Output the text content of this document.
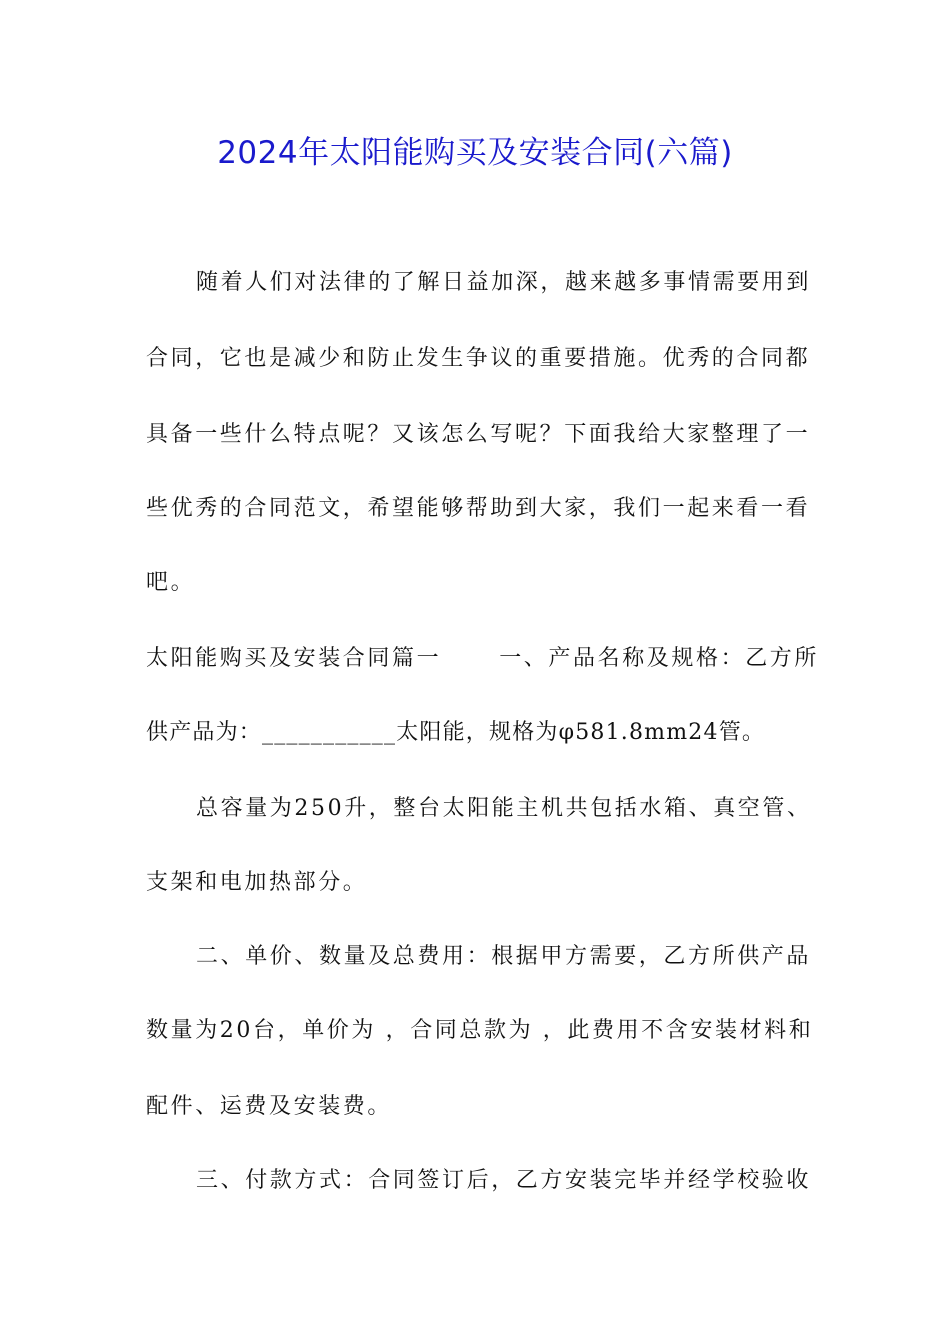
2024年太阳能购买及安装合同(六篇)
随着人们对法律的了解日益加深，越来越多事情需要用到
合同，它也是减少和防止发生争议的重要措施。优秀的合同都
具备一些什么特点呢？又该怎么写呢？下面我给大家整理了一
些优秀的合同范文，希望能够帮助到大家，我们一起来看一看
吧。
太阳能购买及安装合同篇一	一、产品名称及规格：乙方所
供产品为：___________太阳能，规格为φ581.8mm24管。
总容量为250升，整台太阳能主机共包括水箱、真空管、
支架和电加热部分。
二、单价、数量及总费用：根据甲方需要，乙方所供产品
数量为20台，单价为 ，合同总款为 ，此费用不含安装材料和
配件、运费及安装费。
三、付款方式：合同签订后，乙方安装完毕并经学校验收
